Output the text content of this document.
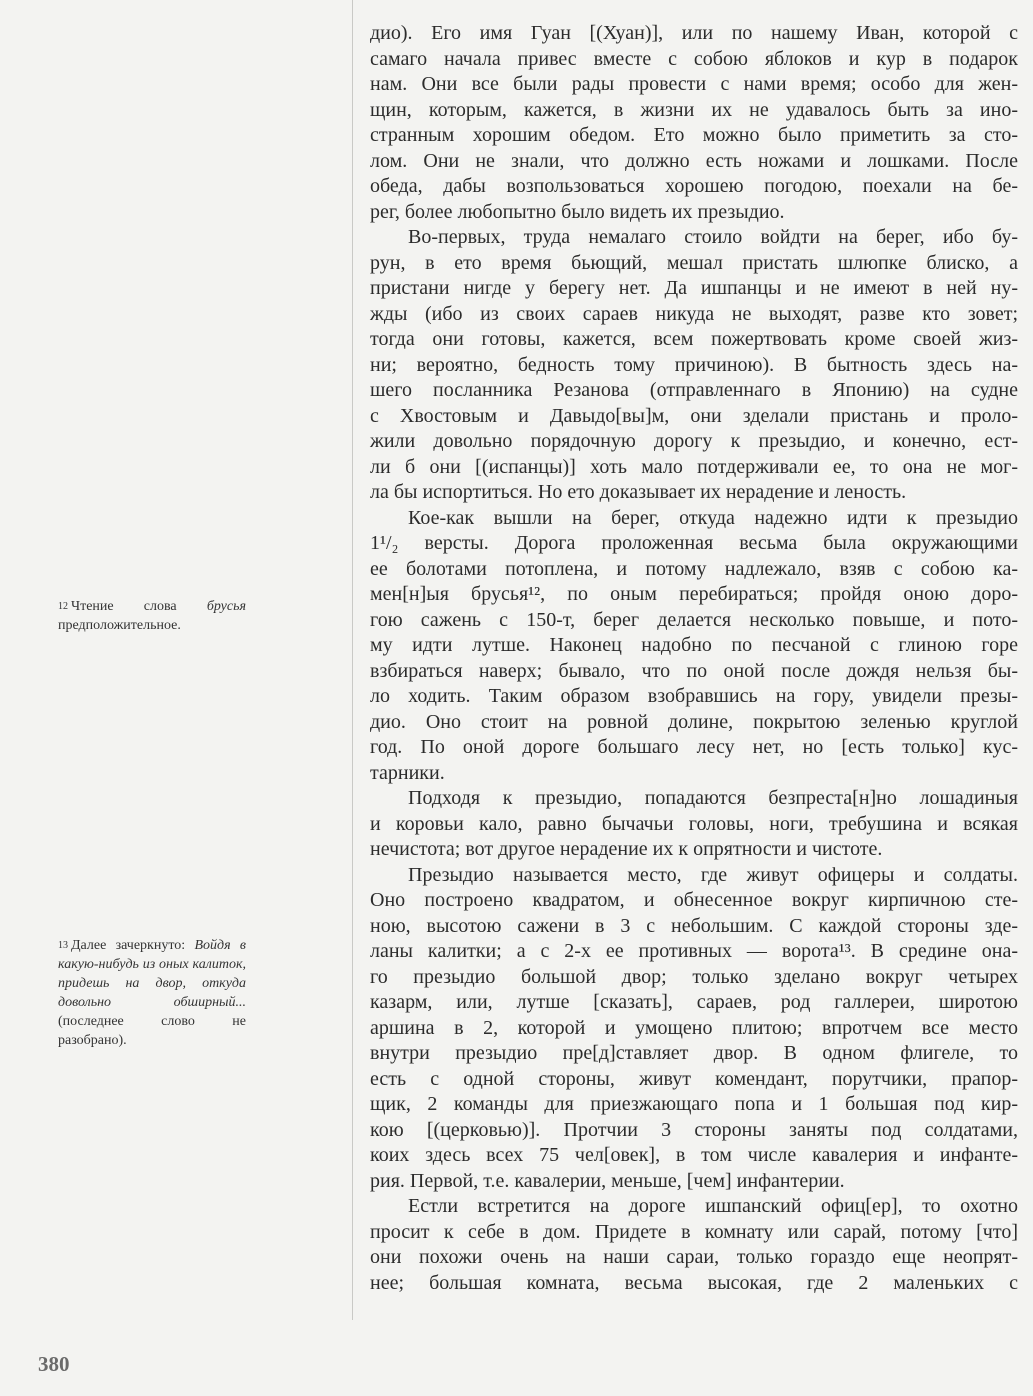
дио). Его имя Гуан [(Хуан)], или по нашему Иван, которой с
самаго начала привес вместе с собою яблоков и кур в подарок
нам. Они все были рады провести с нами время; особо для жен-
щин, которым, кажется, в жизни их не удавалось быть за ино-
странным хорошим обедом. Ето можно было приметить за сто-
лом. Они не знали, что должно есть ножами и лошками. После
обеда, дабы возпользоваться хорошею погодою, поехали на бе-
рег, более любопытно было видеть их презыдио.
Во-первых, труда немалаго стоило войдти на берег, ибо бу-
рун, в ето время бьющий, мешал пристать шлюпке блиско, а
пристани нигде у берегу нет. Да ишпанцы и не имеют в ней ну-
жды (ибо из своих сараев никуда не выходят, разве кто зовет;
тогда они готовы, кажется, всем пожертвовать кроме своей жиз-
ни; вероятно, бедность тому причиною). В бытность здесь на-
шего посланника Резанова (отправленнаго в Японию) на судне
с Хвостовым и Давыдо[вы]м, они зделали пристань и проло-
жили довольно порядочную дорогу к презыдио, и конечно, ест-
ли б они [(испанцы)] хоть мало потдерживали ее, то она не мог-
ла бы испортиться. Но ето доказывает их нерадение и леность.
Кое-как вышли на берег, откуда надежно идти к презыдио
1¹/₂ версты. Дорога проложенная весьма была окружающими
ее болотами потоплена, и потому надлежало, взяв с собою ка-
мен[н]ыя брусья¹², по оным перебираться; пройдя оною доро-
гою сажень с 150-т, берег делается несколько повыше, и пото-
му идти лутше. Наконец надобно по песчаной с глиною горе
взбираться наверх; бывало, что по оной после дождя нельзя бы-
ло ходить. Таким образом взобравшись на гору, увидели презы-
дио. Оно стоит на ровной долине, покрытою зеленью круглой
год. По оной дороге большаго лесу нет, но [есть только] кус-
тарники.
Подходя к презыдио, попадаются безпреста[н]но лошадиныя
и коровьи кало, равно бычачьи головы, ноги, требушина и всякая
нечистота; вот другое нерадение их к опрятности и чистоте.
Презыдио называется место, где живут офицеры и солдаты.
Оно построено квадратом, и обнесенное вокруг кирпичною сте-
ною, высотою сажени в 3 с небольшим. С каждой стороны зде-
ланы калитки; а с 2-х ее противных — ворота¹³. В средине она-
го презыдио большой двор; только зделано вокруг четырех
казарм, или, лутше [сказать], сараев, род галлереи, широтою
аршина в 2, которой и умощено плитою; впротчем все место
внутри презыдио пре[д]ставляет двор. В одном флигеле, то
есть с одной стороны, живут комендант, порутчики, прапор-
щик, 2 команды для приезжающаго попа и 1 большая под кир-
кою [(церковью)]. Протчии 3 стороны заняты под солдатами,
коих здесь всех 75 чел[овек], в том числе кавалерия и инфанте-
рия. Первой, т.е. кавалерии, меньше, [чем] инфантерии.
Естли встретится на дороге ишпанский офиц[ер], то охотно
просит к себе в дом. Придете в комнату или сарай, потому [что]
они похожи очень на наши сараи, только гораздо еще неопрят-
нее; большая комната, весьма высокая, где 2 маленьких с
$^{12}$ Чтение слова брусья предположительное.
$^{13}$ Далее зачеркнуто: Войдя в какую-нибудь из оных калиток, придешь на двор, откуда довольно обширный... (последнее слово не разобрано).
380
